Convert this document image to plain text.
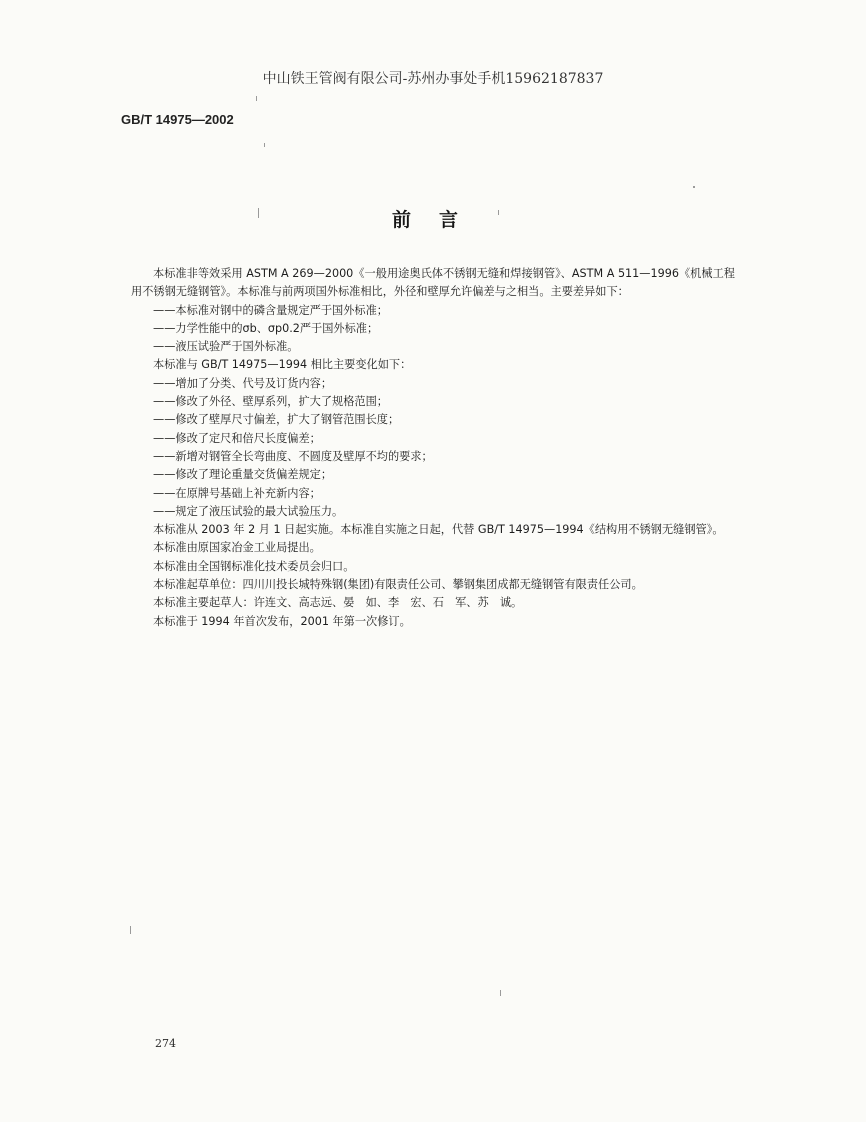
中山铁王管阀有限公司-苏州办事处手机15962187837
GB/T 14975—2002
前言

本标准非等效采用 ASTM A 269—2000《一般用途奥氏体不锈钢无缝和焊接钢管》、ASTM A 511—1996《机械工程用不锈钢无缝钢管》。本标准与前两项国外标准相比，外径和壁厚允许偏差与之相当。主要差异如下：

——本标准对钢中的磷含量规定严于国外标准；

——力学性能中的σb、σp0.2严于国外标准；

——液压试验严于国外标准。

本标准与 GB/T 14975—1994 相比主要变化如下：

——增加了分类、代号及订货内容；

——修改了外径、壁厚系列，扩大了规格范围；

——修改了壁厚尺寸偏差，扩大了钢管范围长度；

——修改了定尺和倍尺长度偏差；

——新增对钢管全长弯曲度、不圆度及壁厚不均的要求；

——修改了理论重量交货偏差规定；

——在原牌号基础上补充新内容；

——规定了液压试验的最大试验压力。

本标准从 2003 年 2 月 1 日起实施。本标准自实施之日起，代替 GB/T 14975—1994《结构用不锈钢无缝钢管》。

本标准由原国家冶金工业局提出。

本标准由全国钢标准化技术委员会归口。

本标准起草单位：四川川投长城特殊钢(集团)有限责任公司、攀钢集团成都无缝钢管有限责任公司。

本标准主要起草人：许连文、高志远、晏　如、李　宏、石　军、苏　诚。

本标准于 1994 年首次发布，2001 年第一次修订。

274
